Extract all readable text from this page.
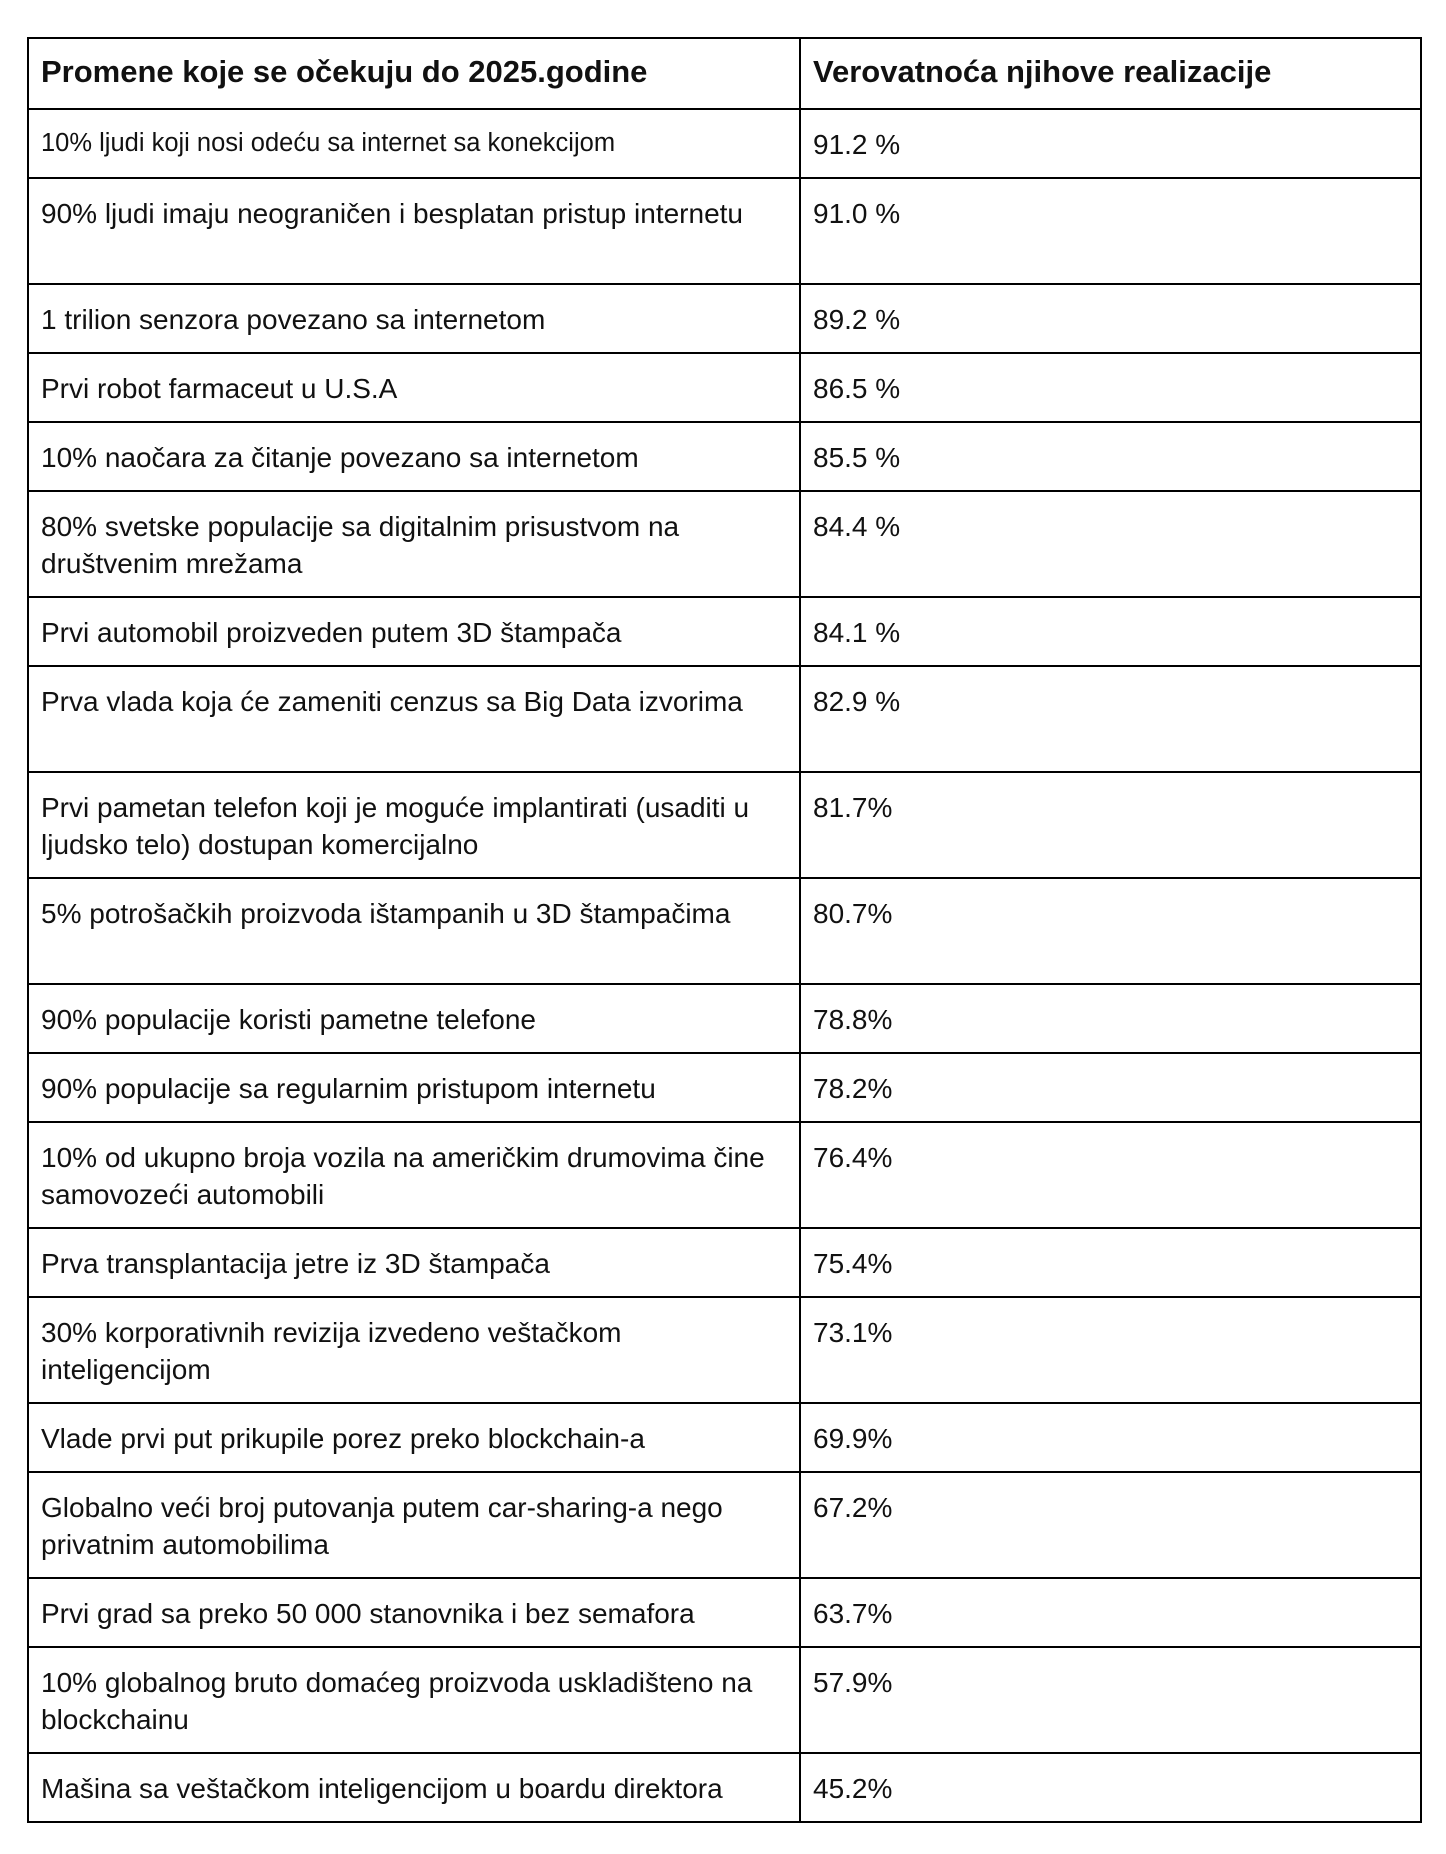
Promene koje se očekuju do 2025.godine	Verovatnoća njihove realizacije
10% ljudi koji nosi odeću sa internet sa konekcijom	91.2 %
90% ljudi imaju neograničen i besplatan pristup internetu	91.0 %
1 trilion senzora povezano sa internetom	89.2 %
Prvi robot farmaceut u U.S.A	86.5 %
10% naočara za čitanje povezano sa internetom	85.5 %
80% svetske populacije sa digitalnim prisustvom na društvenim mrežama	84.4 %
Prvi automobil proizveden putem 3D štampača	84.1 %
Prva vlada koja će zameniti cenzus sa Big Data izvorima	82.9 %
Prvi pametan telefon koji je moguće implantirati (usaditi u ljudsko telo) dostupan komercijalno	81.7%
5% potrošačkih proizvoda ištampanih u 3D štampačima	80.7%
90% populacije koristi pametne telefone	78.8%
90% populacije sa regularnim pristupom internetu	78.2%
10% od ukupno broja vozila na američkim drumovima čine samovozeći automobili	76.4%
Prva transplantacija jetre iz 3D štampača	75.4%
30% korporativnih revizija izvedeno veštačkom inteligencijom	73.1%
Vlade prvi put prikupile porez preko blockchain-a	69.9%
Globalno veći broj putovanja putem car-sharing-a nego privatnim automobilima	67.2%
Prvi grad sa preko 50 000 stanovnika i bez semafora	63.7%
10% globalnog bruto domaćeg proizvoda uskladišteno na blockchainu	57.9%
Mašina sa veštačkom inteligencijom u boardu direktora	45.2%
